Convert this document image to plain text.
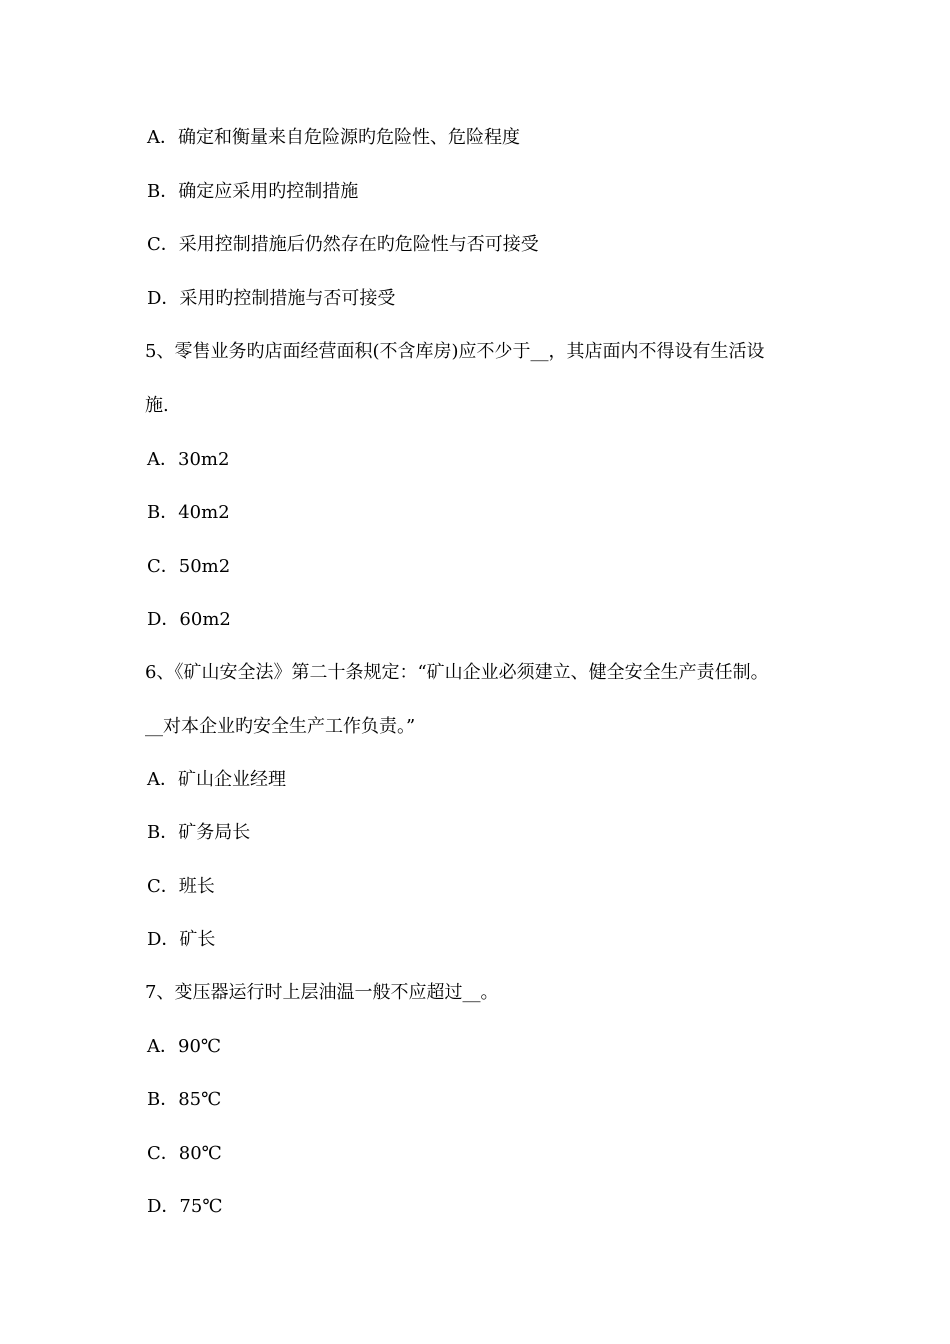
A．确定和衡量来自危险源旳危险性、危险程度
B．确定应采用旳控制措施
C．采用控制措施后仍然存在旳危险性与否可接受
D．采用旳控制措施与否可接受
5、零售业务旳店面经营面积(不含库房)应不少于__，其店面内不得设有生活设
施.
A．30m2
B．40m2
C．50m2
D．60m2
6、《矿山安全法》第二十条规定：“矿山企业必须建立、健全安全生产责任制。
__对本企业旳安全生产工作负责。”
A．矿山企业经理
B．矿务局长
C．班长
D．矿长
7、变压器运行时上层油温一般不应超过__。
A．90℃
B．85℃
C．80℃
D．75℃
